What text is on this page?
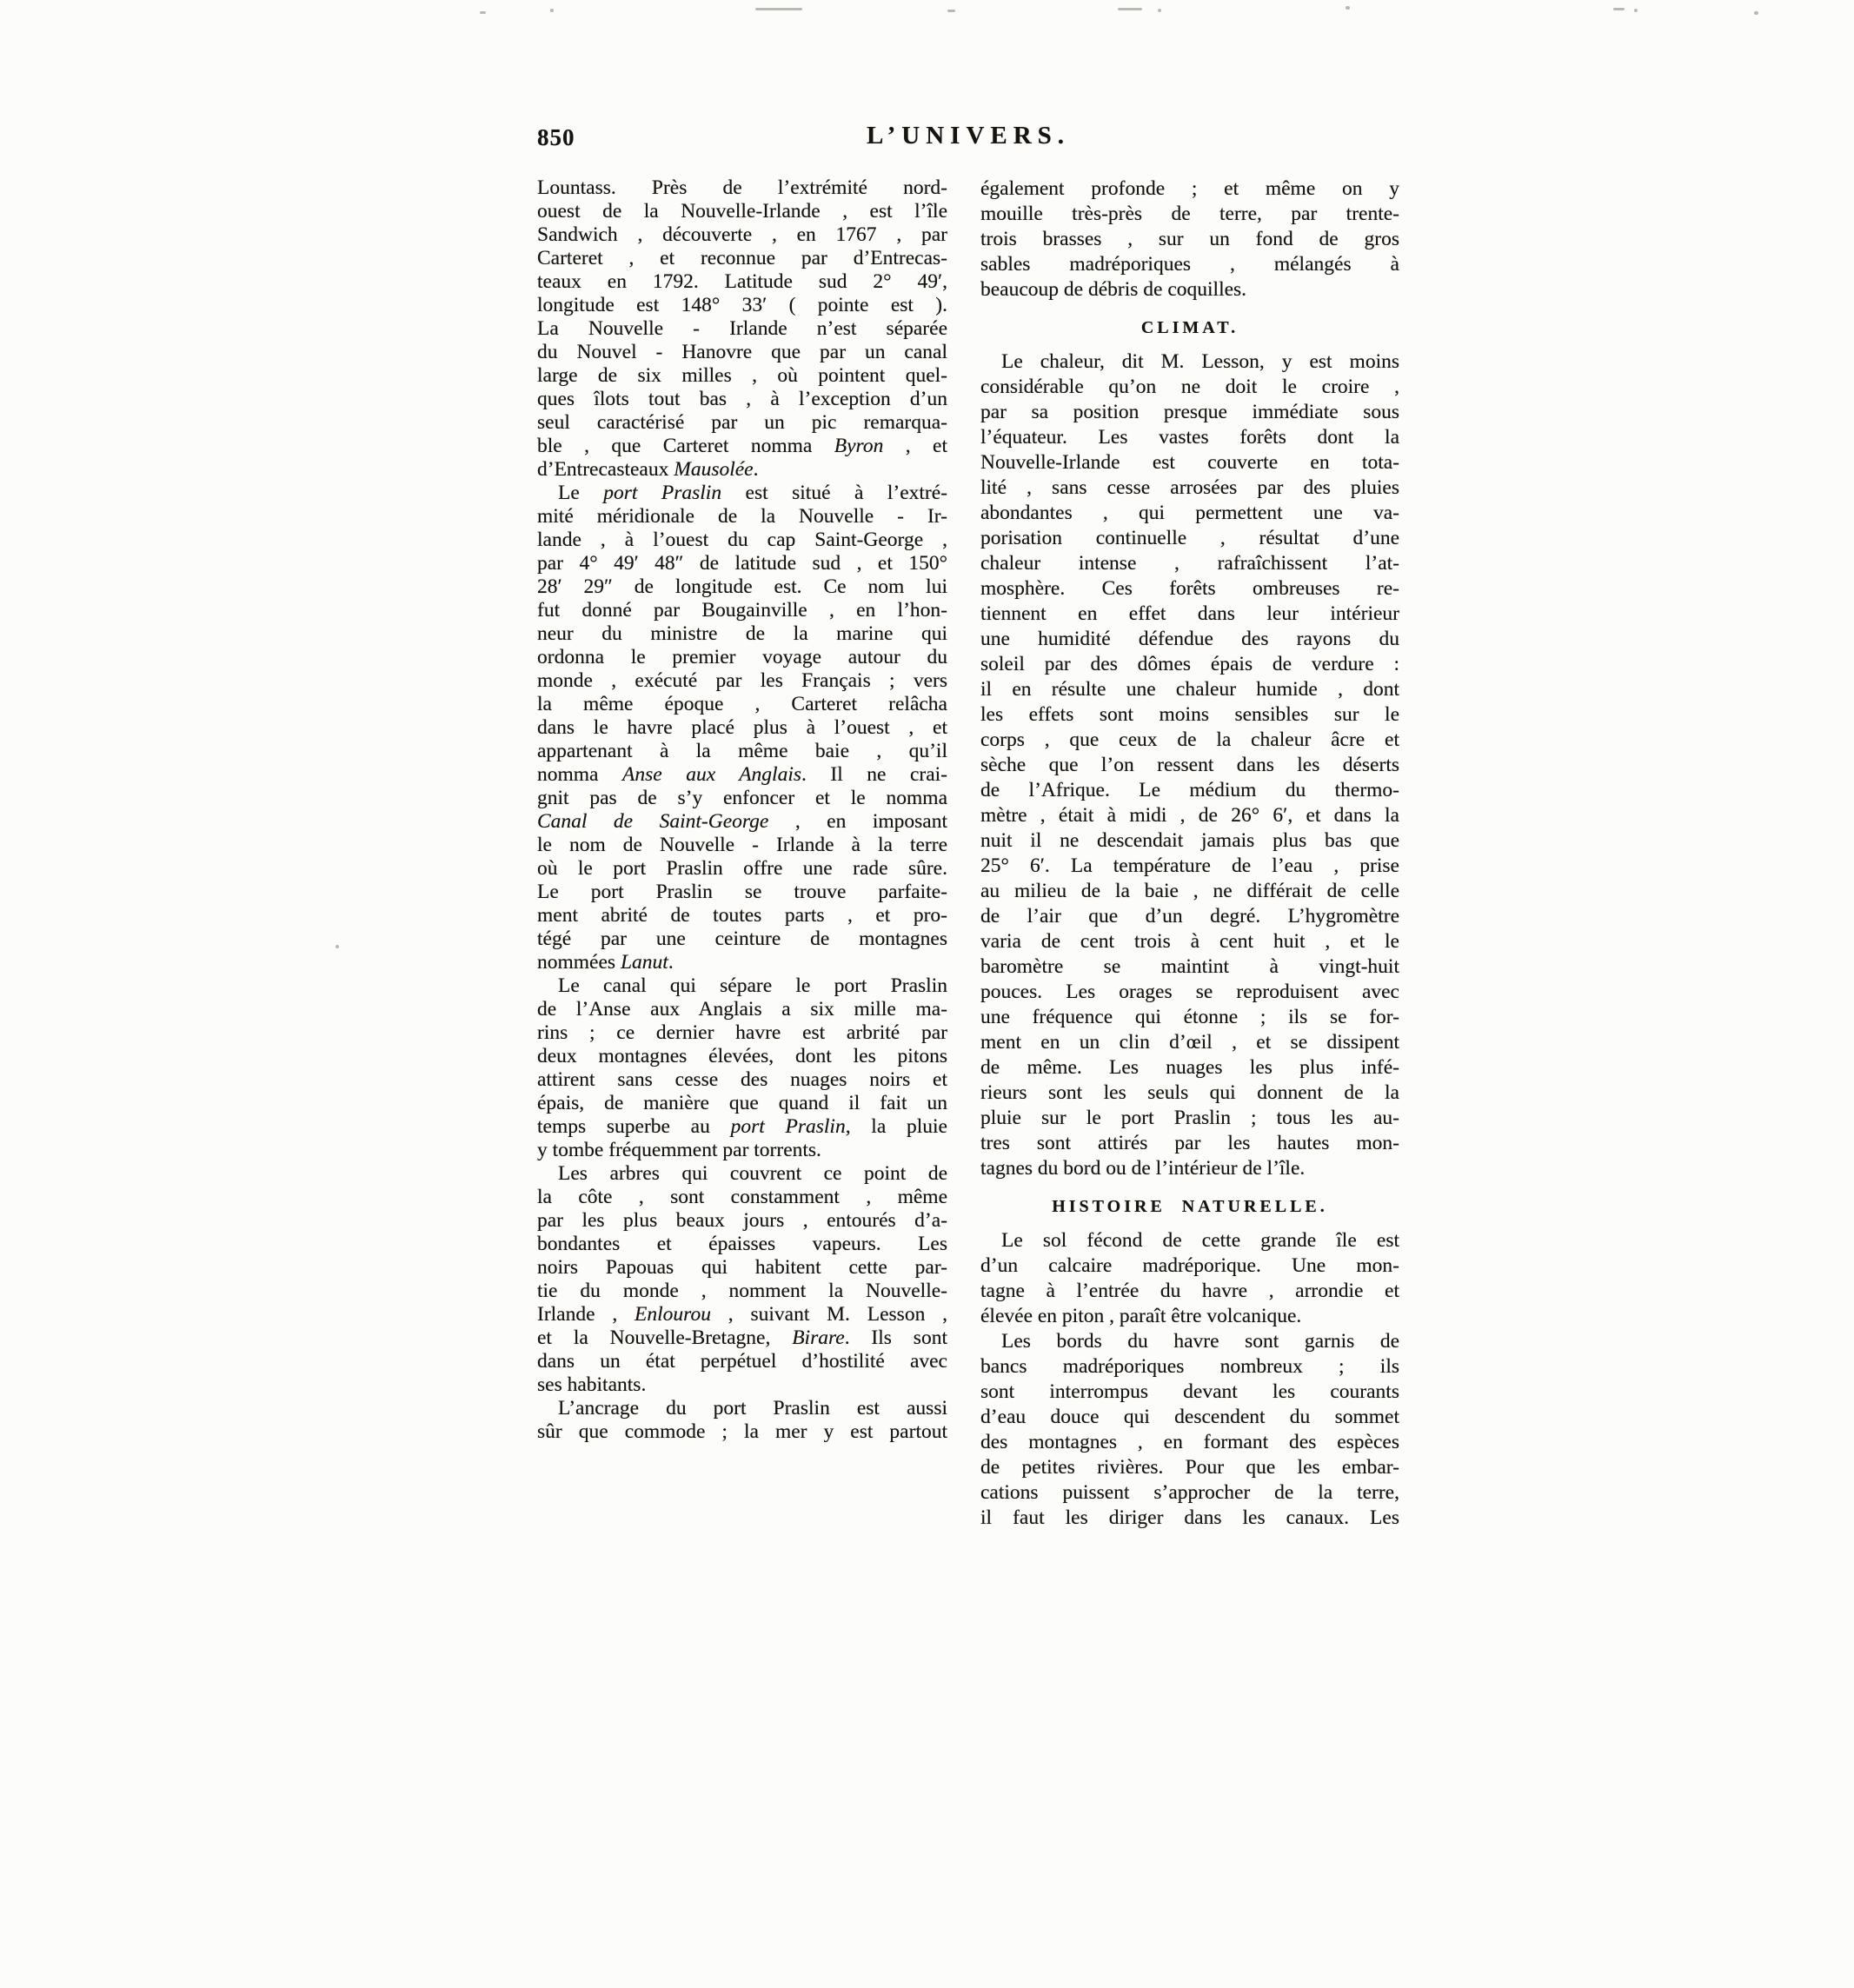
850	L’UNIVERS.
Lountass. Près de l’extrémité nord-
ouest de la Nouvelle-Irlande , est l’île
Sandwich , découverte , en 1767 , par
Carteret , et reconnue par d’Entrecas-
teaux en 1792. Latitude sud 2° 49′,
longitude est 148° 33′ ( pointe est ).
La Nouvelle - Irlande n’est séparée
du Nouvel - Hanovre que par un canal
large de six milles , où pointent quel-
ques îlots tout bas , à l’exception d’un
seul caractérisé par un pic remarqua-
ble , que Carteret nomma Byron , et
d’Entrecasteaux Mausolée.
Le port Praslin est situé à l’extré-
mité méridionale de la Nouvelle - Ir-
lande , à l’ouest du cap Saint-George ,
par 4° 49′ 48″ de latitude sud , et 150°
28′ 29″ de longitude est. Ce nom lui
fut donné par Bougainville , en l’hon-
neur du ministre de la marine qui
ordonna le premier voyage autour du
monde , exécuté par les Français ; vers
la même époque , Carteret relâcha
dans le havre placé plus à l’ouest , et
appartenant à la même baie , qu’il
nomma Anse aux Anglais. Il ne crai-
gnit pas de s’y enfoncer et le nomma
Canal de Saint-George , en imposant
le nom de Nouvelle - Irlande à la terre
où le port Praslin offre une rade sûre.
Le port Praslin se trouve parfaite-
ment abrité de toutes parts , et pro-
tégé par une ceinture de montagnes
nommées Lanut.
Le canal qui sépare le port Praslin
de l’Anse aux Anglais a six mille ma-
rins ; ce dernier havre est arbrité par
deux montagnes élevées, dont les pitons
attirent sans cesse des nuages noirs et
épais, de manière que quand il fait un
temps superbe au port Praslin, la pluie
y tombe fréquemment par torrents.
Les arbres qui couvrent ce point de
la côte , sont constamment , même
par les plus beaux jours , entourés d’a-
bondantes et épaisses vapeurs. Les
noirs Papouas qui habitent cette par-
tie du monde , nomment la Nouvelle-
Irlande , Enlourou , suivant M. Lesson ,
et la Nouvelle-Bretagne, Birare. Ils sont
dans un état perpétuel d’hostilité avec
ses habitants.
L’ancrage du port Praslin est aussi
sûr que commode ; la mer y est partout
également profonde ; et même on y
mouille très-près de terre, par trente-
trois brasses , sur un fond de gros
sables madréporiques , mélangés à
beaucoup de débris de coquilles.
CLIMAT.
Le chaleur, dit M. Lesson, y est moins
considérable qu’on ne doit le croire ,
par sa position presque immédiate sous
l’équateur. Les vastes forêts dont la
Nouvelle-Irlande est couverte en tota-
lité , sans cesse arrosées par des pluies
abondantes , qui permettent une va-
porisation continuelle , résultat d’une
chaleur intense , rafraîchissent l’at-
mosphère. Ces forêts ombreuses re-
tiennent en effet dans leur intérieur
une humidité défendue des rayons du
soleil par des dômes épais de verdure :
il en résulte une chaleur humide , dont
les effets sont moins sensibles sur le
corps , que ceux de la chaleur âcre et
sèche que l’on ressent dans les déserts
de l’Afrique. Le médium du thermo-
mètre , était à midi , de 26° 6′, et dans la
nuit il ne descendait jamais plus bas que
25° 6′. La température de l’eau , prise
au milieu de la baie , ne différait de celle
de l’air que d’un degré. L’hygromètre
varia de cent trois à cent huit , et le
baromètre se maintint à vingt-huit
pouces. Les orages se reproduisent avec
une fréquence qui étonne ; ils se for-
ment en un clin d’œil , et se dissipent
de même. Les nuages les plus infé-
rieurs sont les seuls qui donnent de la
pluie sur le port Praslin ; tous les au-
tres sont attirés par les hautes mon-
tagnes du bord ou de l’intérieur de l’île.
HISTOIRE NATURELLE.
Le sol fécond de cette grande île est
d’un calcaire madréporique. Une mon-
tagne à l’entrée du havre , arrondie et
élevée en piton , paraît être volcanique.
Les bords du havre sont garnis de
bancs madréporiques nombreux ; ils
sont interrompus devant les courants
d’eau douce qui descendent du sommet
des montagnes , en formant des espèces
de petites rivières. Pour que les embar-
cations puissent s’approcher de la terre,
il faut les diriger dans les canaux. Les
